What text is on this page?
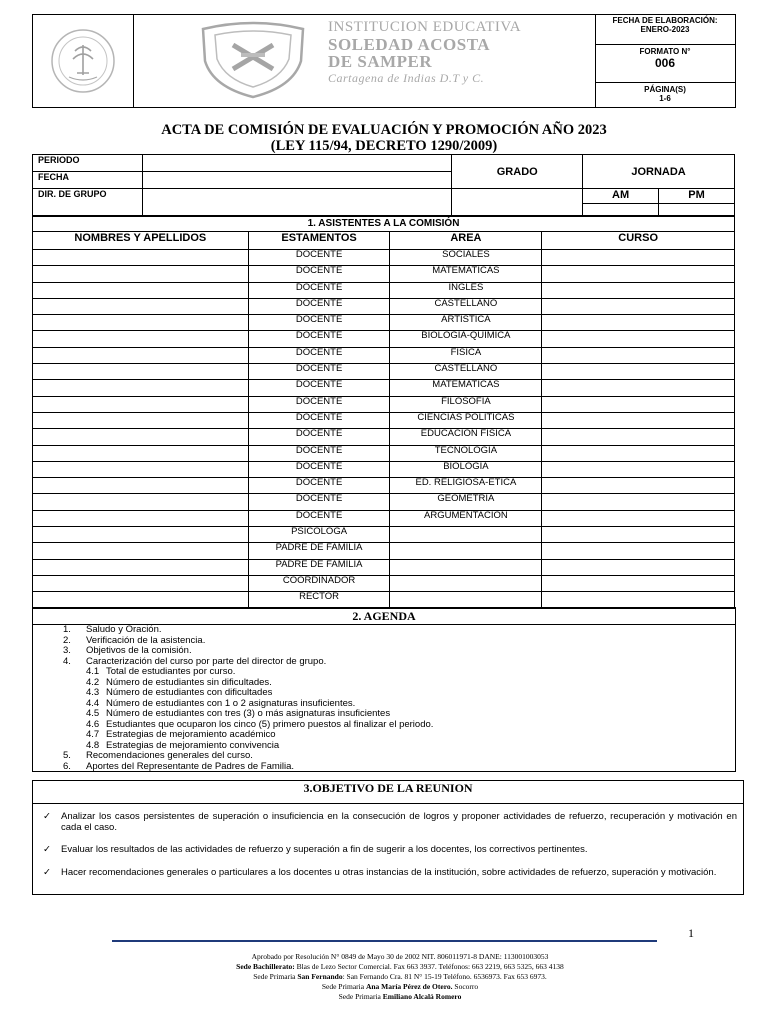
INSTITUCION EDUCATIVA
SOLEDAD ACOSTA
DE SAMPER
Cartagena de Indias D.T y C.
FECHA DE ELABORACIÓN:
ENERO-2023
FORMATO N°
006
PÁGINA(S)
1-6
ACTA DE COMISIÓN DE EVALUACIÓN Y PROMOCIÓN AÑO 2023
(LEY 115/94, DECRETO 1290/2009)
PERIODO		GRADO	JORNADA	
FECHA				
DIR. DE GRUPO			AM	PM

1. ASISTENTES A LA COMISIÓN			
NOMBRES Y APELLIDOS	ESTAMENTOS	AREA	CURSO
	DOCENTE	SOCIALES	
	DOCENTE	MATEMATICAS	
	DOCENTE	INGLES	
	DOCENTE	CASTELLANO	
	DOCENTE	ARTISTICA	
	DOCENTE	BIOLOGÍA-QUIMICA	
	DOCENTE	FISICA	
	DOCENTE	CASTELLANO	
	DOCENTE	MATEMATICAS	
	DOCENTE	FILOSOFIA	
	DOCENTE	CIENCIAS POLITICAS	
	DOCENTE	EDUCACION FISICA	
	DOCENTE	TECNOLOGIA	
	DOCENTE	BIOLOGIA	
	DOCENTE	ED. RELIGIOSA-ETICA	
	DOCENTE	GEOMETRIA	
	DOCENTE	ARGUMENTACION	
	PSICOLOGA		
	PADRE DE FAMILIA		
	PADRE DE FAMILIA		
	COORDINADOR		
	RECTOR		
2. AGENDA
1. Saludo y Oración.
2. Verificación de la asistencia.
3. Objetivos de la comisión.
4. Caracterización del curso por parte del director de grupo.
4.1 Total de estudiantes por curso.
4.2 Número de estudiantes sin dificultades.
4.3 Número de estudiantes con dificultades
4.4 Número de estudiantes con 1 o 2 asignaturas insuficientes.
4.5 Número de estudiantes con tres (3) o más asignaturas insuficientes
4.6 Estudiantes que ocuparon los cinco (5) primero puestos al finalizar el periodo.
4.7 Estrategias de mejoramiento académico
4.8 Estrategias de mejoramiento convivencia
5. Recomendaciones generales del curso.
6. Aportes del Representante de Padres de Familia.
3.OBJETIVO DE LA REUNION
✓ Analizar los casos persistentes de superación o insuficiencia en la consecución de logros y proponer actividades de refuerzo, recuperación y motivación en cada el caso.
✓ Evaluar los resultados de las actividades de refuerzo y superación a fin de sugerir a los docentes, los correctivos pertinentes.
✓ Hacer recomendaciones generales o particulares a los docentes u otras instancias de la institución, sobre actividades de refuerzo, superación y motivación.
1
Aprobado por Resolución N° 0849 de Mayo 30 de 2002 NIT. 806011971-8 DANE: 113001003053
Sede Bachillerato: Blas de Lezo Sector Comercial. Fax 663 3937. Teléfonos: 663 2219, 663 5325, 663 4138
Sede Primaria San Fernando: San Fernando Cra. 81 N° 15-19 Teléfono. 6536973. Fax 653 6973.
Sede Primaria Ana María Pérez de Otero. Socorro
Sede Primaria Emiliano Alcalá Romero
